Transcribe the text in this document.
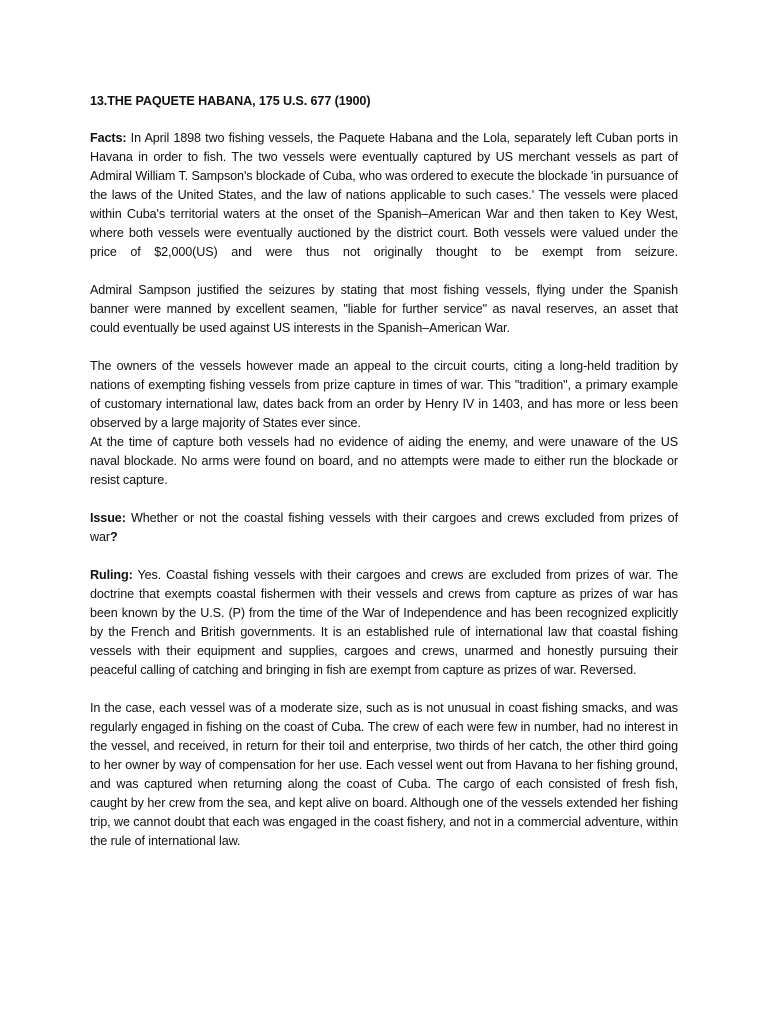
13.THE PAQUETE HABANA, 175 U.S. 677 (1900)

Facts: In April 1898 two fishing vessels, the Paquete Habana and the Lola, separately left Cuban ports in Havana in order to fish. The two vessels were eventually captured by US merchant vessels as part of Admiral William T. Sampson's blockade of Cuba, who was ordered to execute the blockade 'in pursuance of the laws of the United States, and the law of nations applicable to such cases.' The vessels were placed within Cuba's territorial waters at the onset of the Spanish–American War and then taken to Key West, where both vessels were eventually auctioned by the district court. Both vessels were valued under the price of $2,000(US) and were thus not originally thought to be exempt from seizure.

Admiral Sampson justified the seizures by stating that most fishing vessels, flying under the Spanish banner were manned by excellent seamen, "liable for further service" as naval reserves, an asset that could eventually be used against US interests in the Spanish–American War.

The owners of the vessels however made an appeal to the circuit courts, citing a long-held tradition by nations of exempting fishing vessels from prize capture in times of war. This "tradition", a primary example of customary international law, dates back from an order by Henry IV in 1403, and has more or less been observed by a large majority of States ever since.

At the time of capture both vessels had no evidence of aiding the enemy, and were unaware of the US naval blockade. No arms were found on board, and no attempts were made to either run the blockade or resist capture.

Issue: Whether or not the coastal fishing vessels with their cargoes and crews excluded from prizes of war?

Ruling: Yes. Coastal fishing vessels with their cargoes and crews are excluded from prizes of war. The doctrine that exempts coastal fishermen with their vessels and crews from capture as prizes of war has been known by the U.S. (P) from the time of the War of Independence and has been recognized explicitly by the French and British governments. It is an established rule of international law that coastal fishing vessels with their equipment and supplies, cargoes and crews, unarmed and honestly pursuing their peaceful calling of catching and bringing in fish are exempt from capture as prizes of war. Reversed.

In the case, each vessel was of a moderate size, such as is not unusual in coast fishing smacks, and was regularly engaged in fishing on the coast of Cuba. The crew of each were few in number, had no interest in the vessel, and received, in return for their toil and enterprise, two thirds of her catch, the other third going to her owner by way of compensation for her use. Each vessel went out from Havana to her fishing ground, and was captured when returning along the coast of Cuba. The cargo of each consisted of fresh fish, caught by her crew from the sea, and kept alive on board. Although one of the vessels extended her fishing trip, we cannot doubt that each was engaged in the coast fishery, and not in a commercial adventure, within the rule of international law.
